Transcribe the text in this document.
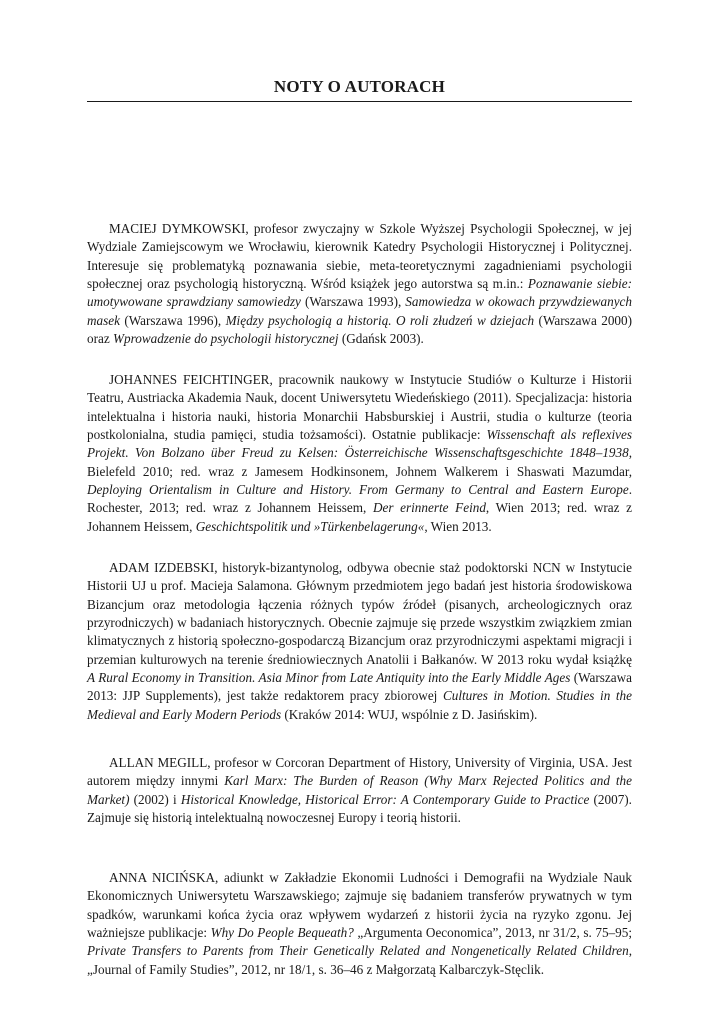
NOTY O AUTORACH

MACIEJ DYMKOWSKI, profesor zwyczajny w Szkole Wyższej Psychologii Społecznej, w jej Wydziale Zamiejscowym we Wrocławiu, kierownik Katedry Psychologii Historycznej i Politycznej. Interesuje się problematyką poznawania siebie, meta-teoretycznymi zagadnieniami psychologii społecznej oraz psychologią historyczną. Wśród książek jego autorstwa są m.in.: Poznawanie siebie: umotywowane sprawdziany samowiedzy (Warszawa 1993), Samowiedza w okowach przywdziewanych masek (Warszawa 1996), Między psychologią a historią. O roli złudzeń w dziejach (Warszawa 2000) oraz Wprowadzenie do psychologii historycznej (Gdańsk 2003).

JOHANNES FEICHTINGER, pracownik naukowy w Instytucie Studiów o Kulturze i Historii Teatru, Austriacka Akademia Nauk, docent Uniwersytetu Wiedeńskiego (2011). Specjalizacja: historia intelektualna i historia nauki, historia Monarchii Habsburskiej i Austrii, studia o kulturze (teoria postkolonialna, studia pamięci, studia tożsamości). Ostatnie publikacje: Wissenschaft als reflexives Projekt. Von Bolzano über Freud zu Kelsen: Österreichische Wissenschaftsgeschichte 1848–1938, Bielefeld 2010; red. wraz z Jamesem Hodkinsonem, Johnem Walkerem i Shaswati Mazumdar, Deploying Orientalism in Culture and History. From Germany to Central and Eastern Europe. Rochester, 2013; red. wraz z Johannem Heissem, Der erinnerte Feind, Wien 2013; red. wraz z Johannem Heissem, Geschichtspolitik und »Türkenbelagerung«, Wien 2013.

ADAM IZDEBSKI, historyk-bizantynolog, odbywa obecnie staż podoktorski NCN w Instytucie Historii UJ u prof. Macieja Salamona. Głównym przedmiotem jego badań jest historia środowiskowa Bizancjum oraz metodologia łączenia różnych typów źródeł (pisanych, archeologicznych oraz przyrodniczych) w badaniach historycznych. Obecnie zajmuje się przede wszystkim związkiem zmian klimatycznych z historią społeczno-gospodarczą Bizancjum oraz przyrodniczymi aspektami migracji i przemian kulturowych na terenie średniowiecznych Anatolii i Bałkanów. W 2013 roku wydał książkę A Rural Economy in Transition. Asia Minor from Late Antiquity into the Early Middle Ages (Warszawa 2013: JJP Supplements), jest także redaktorem pracy zbiorowej Cultures in Motion. Studies in the Medieval and Early Modern Periods (Kraków 2014: WUJ, wspólnie z D. Jasińskim).

ALLAN MEGILL, profesor w Corcoran Department of History, University of Virginia, USA. Jest autorem między innymi Karl Marx: The Burden of Reason (Why Marx Rejected Politics and the Market) (2002) i Historical Knowledge, Historical Error: A Contemporary Guide to Practice (2007). Zajmuje się historią intelektualną nowoczesnej Europy i teorią historii.

ANNA NICIŃSKA, adiunkt w Zakładzie Ekonomii Ludności i Demografii na Wydziale Nauk Ekonomicznych Uniwersytetu Warszawskiego; zajmuje się badaniem transferów prywatnych w tym spadków, warunkami końca życia oraz wpływem wydarzeń z historii życia na ryzyko zgonu. Jej ważniejsze publikacje: Why Do People Bequeath? „Argumenta Oeconomica”, 2013, nr 31/2, s. 75–95; Private Transfers to Parents from Their Genetically Related and Nongenetically Related Children, „Journal of Family Studies”, 2012, nr 18/1, s. 36–46 z Małgorzatą Kalbarczyk-Stęclik.
